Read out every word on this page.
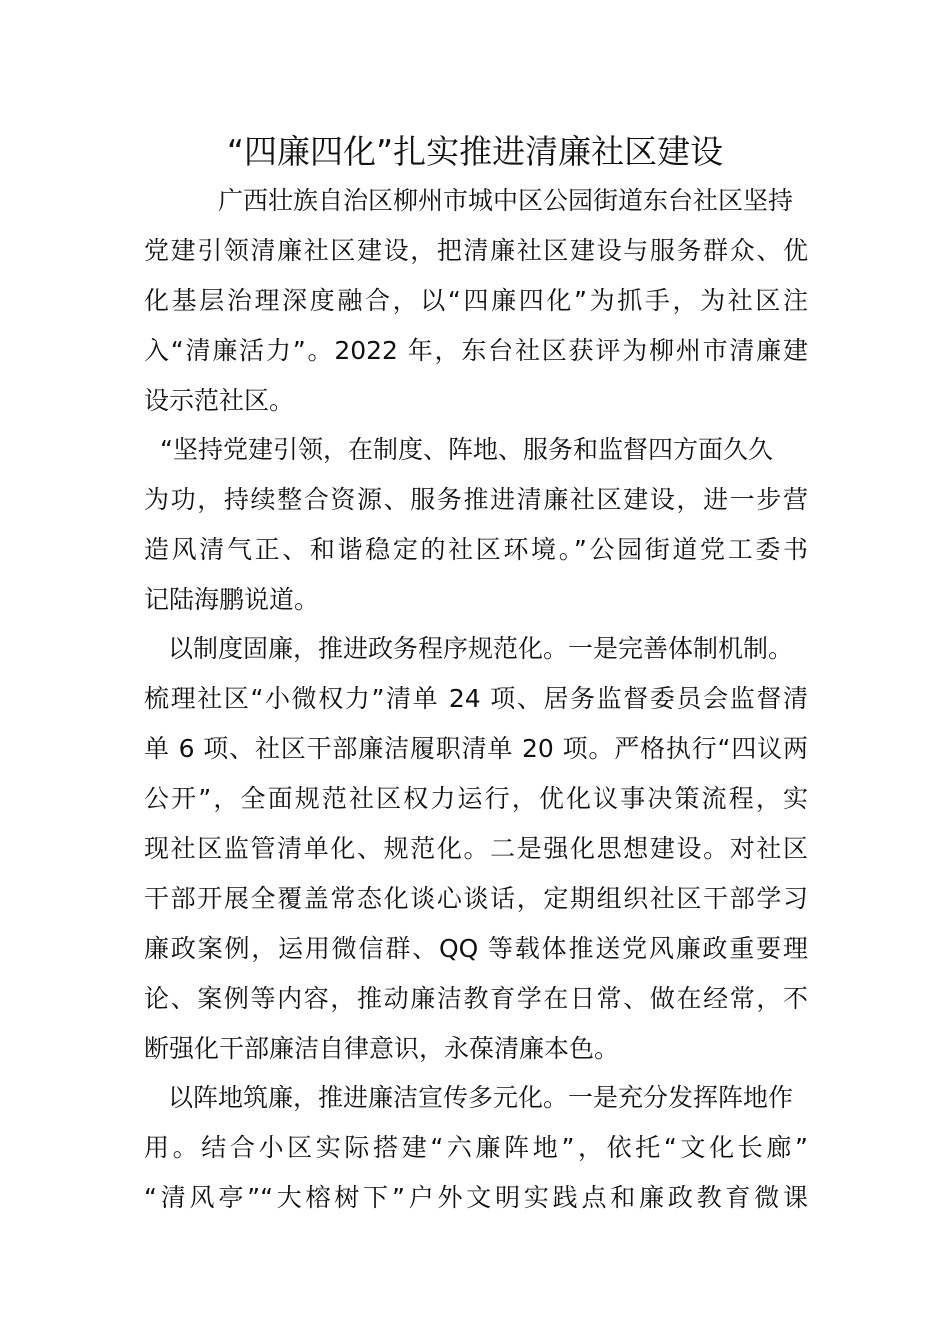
“四廉四化”扎实推进清廉社区建设
广西壮族自治区柳州市城中区公园街道东台社区坚持
党建引领清廉社区建设，把清廉社区建设与服务群众、优
化基层治理深度融合，以“四廉四化”为抓手，为社区注
入“清廉活力”。2022 年，东台社区获评为柳州市清廉建
设示范社区。
“坚持党建引领，在制度、阵地、服务和监督四方面久久
为功，持续整合资源、服务推进清廉社区建设，进一步营
造风清气正、和谐稳定的社区环境。”公园街道党工委书
记陆海鹏说道。
以制度固廉，推进政务程序规范化。一是完善体制机制。
梳理社区“小微权力”清单 24 项、居务监督委员会监督清
单 6 项、社区干部廉洁履职清单 20 项。严格执行“四议两
公开”，全面规范社区权力运行，优化议事决策流程，实
现社区监管清单化、规范化。二是强化思想建设。对社区
干部开展全覆盖常态化谈心谈话，定期组织社区干部学习
廉政案例，运用微信群、QQ 等载体推送党风廉政重要理
论、案例等内容，推动廉洁教育学在日常、做在经常，不
断强化干部廉洁自律意识，永葆清廉本色。
以阵地筑廉，推进廉洁宣传多元化。一是充分发挥阵地作
用。结合小区实际搭建“六廉阵地”，依托“文化长廊”
“清风亭”“大榕树下”户外文明实践点和廉政教育微课
